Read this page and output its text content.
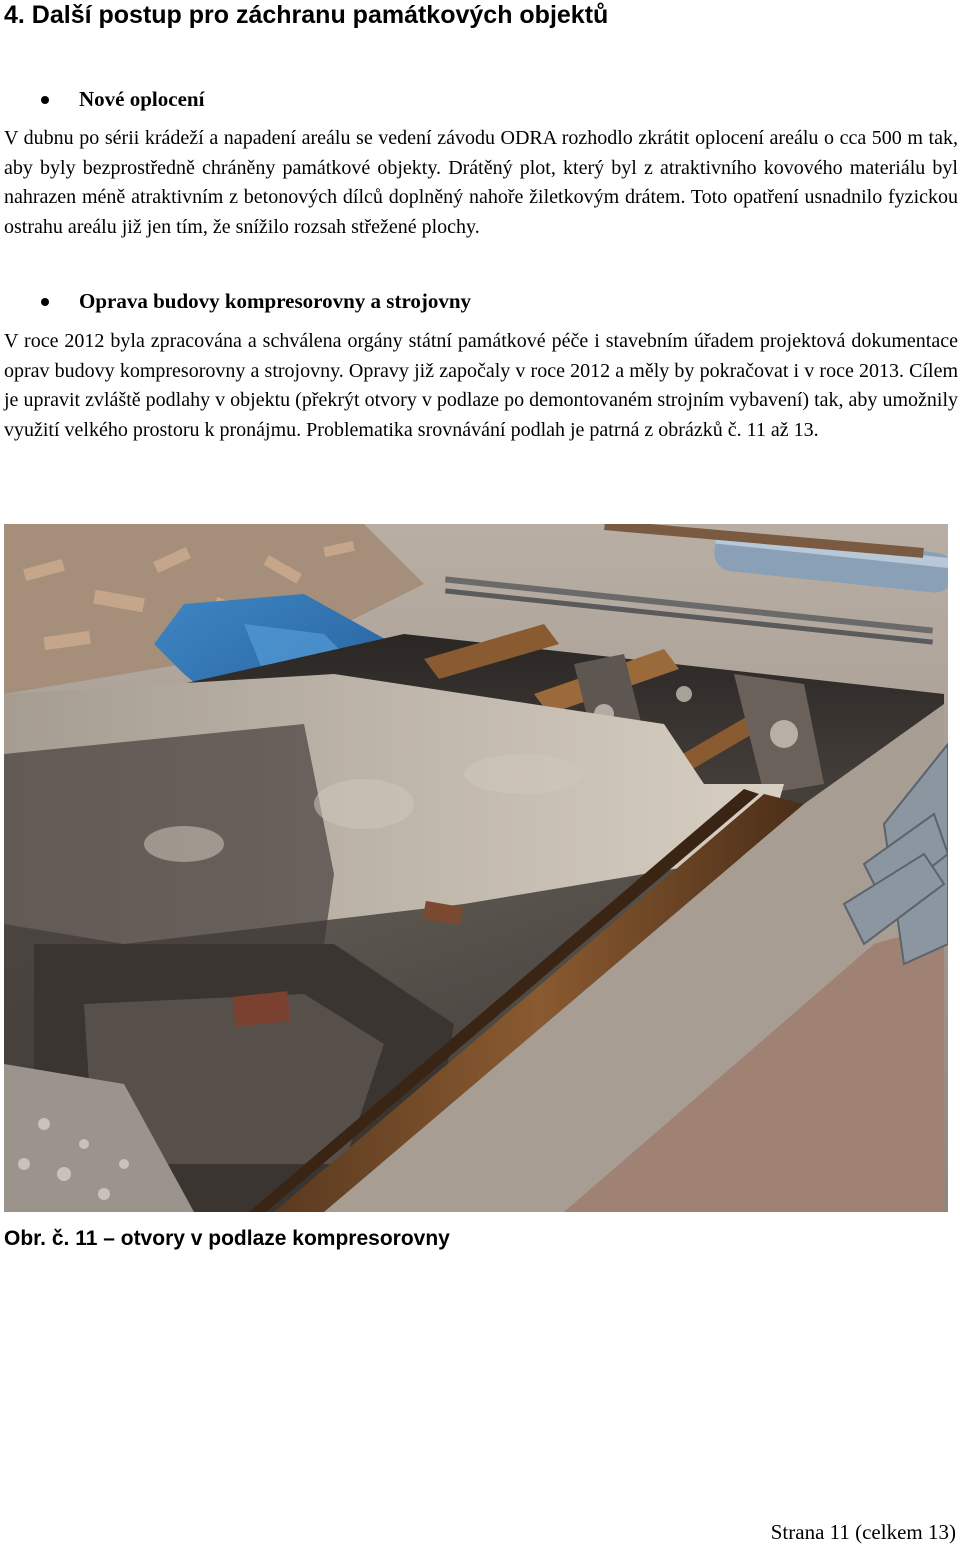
4. Další postup pro záchranu památkových objektů
Nové oplocení

V dubnu po sérii krádeží a napadení areálu se vedení závodu ODRA rozhodlo zkrátit oplocení areálu o cca 500 m tak, aby byly bezprostředně chráněny památkové objekty. Drátěný plot, který byl z atraktivního kovového materiálu byl nahrazen méně atraktivním z betonových dílců doplněný nahoře žiletkovým drátem. Toto opatření usnadnilo fyzickou ostrahu areálu již jen tím, že snížilo rozsah střežené plochy.

Oprava budovy kompresorovny a strojovny

V roce 2012 byla zpracována a schválena orgány státní památkové péče i stavebním úřadem projektová dokumentace oprav budovy kompresorovny a strojovny. Opravy již započaly v roce 2012 a měly by pokračovat i v roce 2013. Cílem je upravit zvláště podlahy v objektu (překrýt otvory v podlaze po demontovaném strojním vybavení) tak, aby umožnily využití velkého prostoru k pronájmu. Problematika srovnávání podlah je patrná z obrázků č. 11 až 13.

Obr. č. 11 – otvory v podlaze kompresorovny
Strana 11 (celkem 13)
